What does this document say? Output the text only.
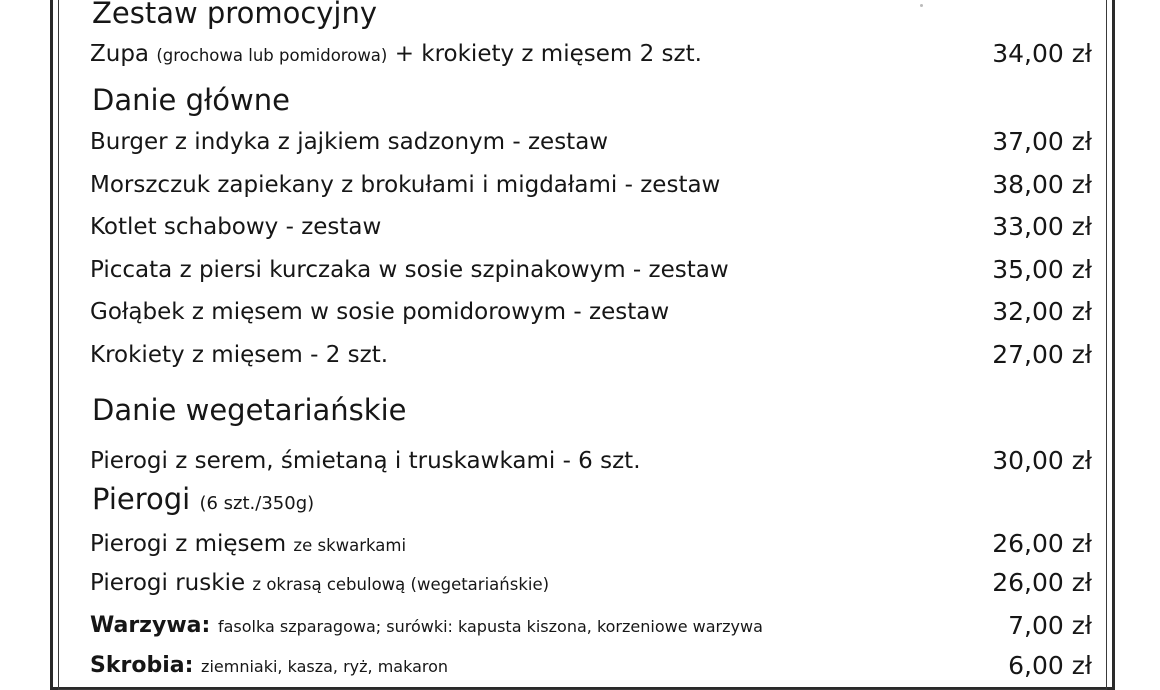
Zestaw promocyjny
Zupa (grochowa lub pomidorowa) + krokiety z mięsem 2 szt.	34,00 zł
Danie główne
Burger z indyka z jajkiem sadzonym - zestaw	37,00 zł
Morszczuk zapiekany z brokułami i migdałami - zestaw	38,00 zł
Kotlet schabowy - zestaw	33,00 zł
Piccata z piersi kurczaka w sosie szpinakowym - zestaw	35,00 zł
Gołąbek z mięsem w sosie pomidorowym - zestaw	32,00 zł
Krokiety z mięsem - 2 szt.	27,00 zł
Danie wegetariańskie
Pierogi z serem, śmietaną i truskawkami - 6 szt.	30,00 zł
Pierogi (6 szt./350g)
Pierogi z mięsem ze skwarkami	26,00 zł
Pierogi ruskie z okrasą cebulową (wegetariańskie)	26,00 zł
Warzywa: fasolka szparagowa; surówki: kapusta kiszona, korzeniowe warzywa	7,00 zł
Skrobia: ziemniaki, kasza, ryż, makaron	6,00 zł
